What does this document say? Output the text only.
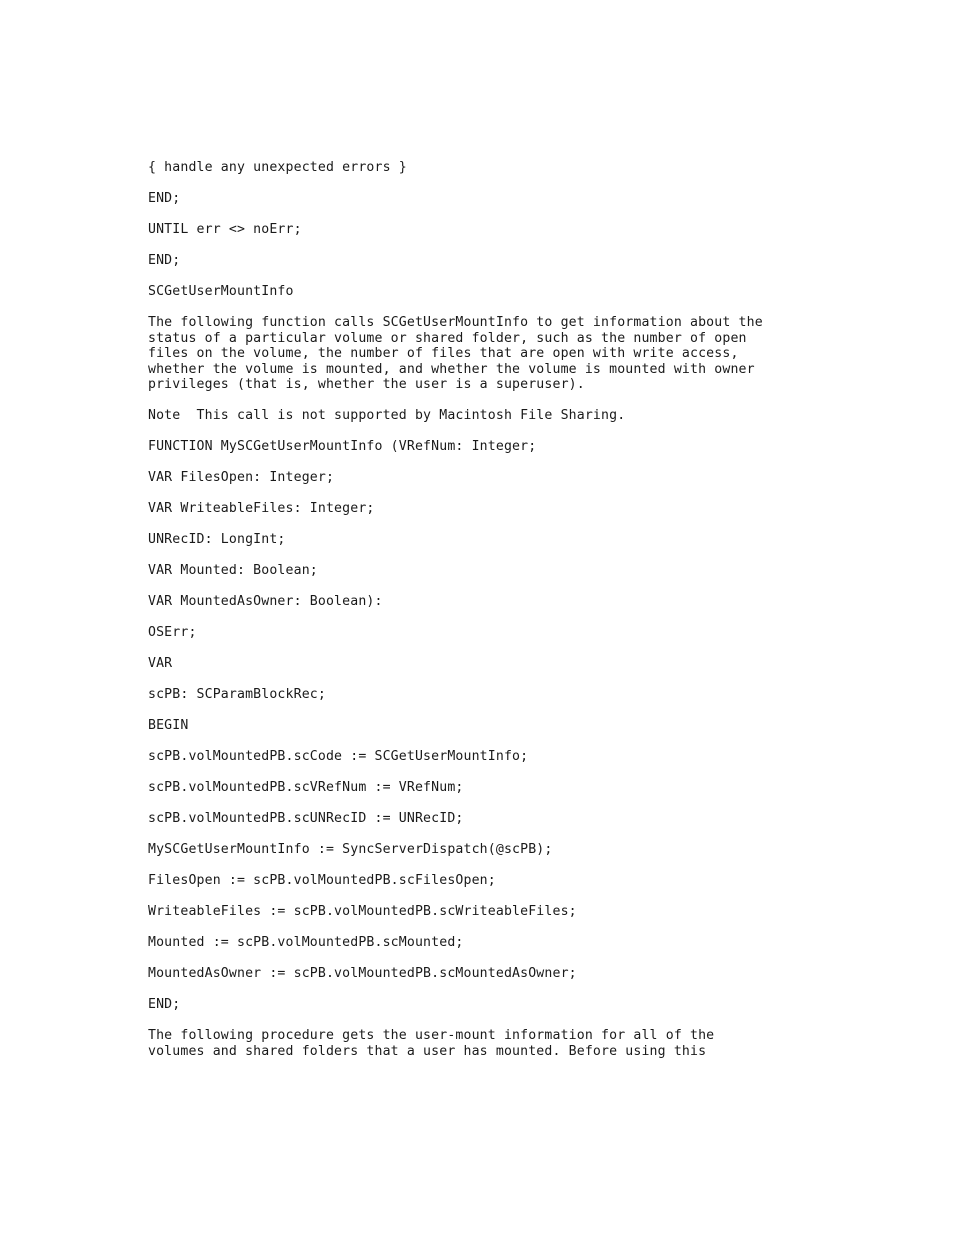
{ handle any unexpected errors }
END;
UNTIL err <> noErr;
END;
SCGetUserMountInfo
The following function calls SCGetUserMountInfo to get information about the
status of a particular volume or shared folder, such as the number of open
files on the volume, the number of files that are open with write access,
whether the volume is mounted, and whether the volume is mounted with owner
privileges (that is, whether the user is a superuser).
Note  This call is not supported by Macintosh File Sharing.
FUNCTION MySCGetUserMountInfo (VRefNum: Integer;
VAR FilesOpen: Integer;
VAR WriteableFiles: Integer;
UNRecID: LongInt;
VAR Mounted: Boolean;
VAR MountedAsOwner: Boolean):
OSErr;
VAR
scPB: SCParamBlockRec;
BEGIN
scPB.volMountedPB.scCode := SCGetUserMountInfo;
scPB.volMountedPB.scVRefNum := VRefNum;
scPB.volMountedPB.scUNRecID := UNRecID;
MySCGetUserMountInfo := SyncServerDispatch(@scPB);
FilesOpen := scPB.volMountedPB.scFilesOpen;
WriteableFiles := scPB.volMountedPB.scWriteableFiles;
Mounted := scPB.volMountedPB.scMounted;
MountedAsOwner := scPB.volMountedPB.scMountedAsOwner;
END;
The following procedure gets the user-mount information for all of the
volumes and shared folders that a user has mounted. Before using this
